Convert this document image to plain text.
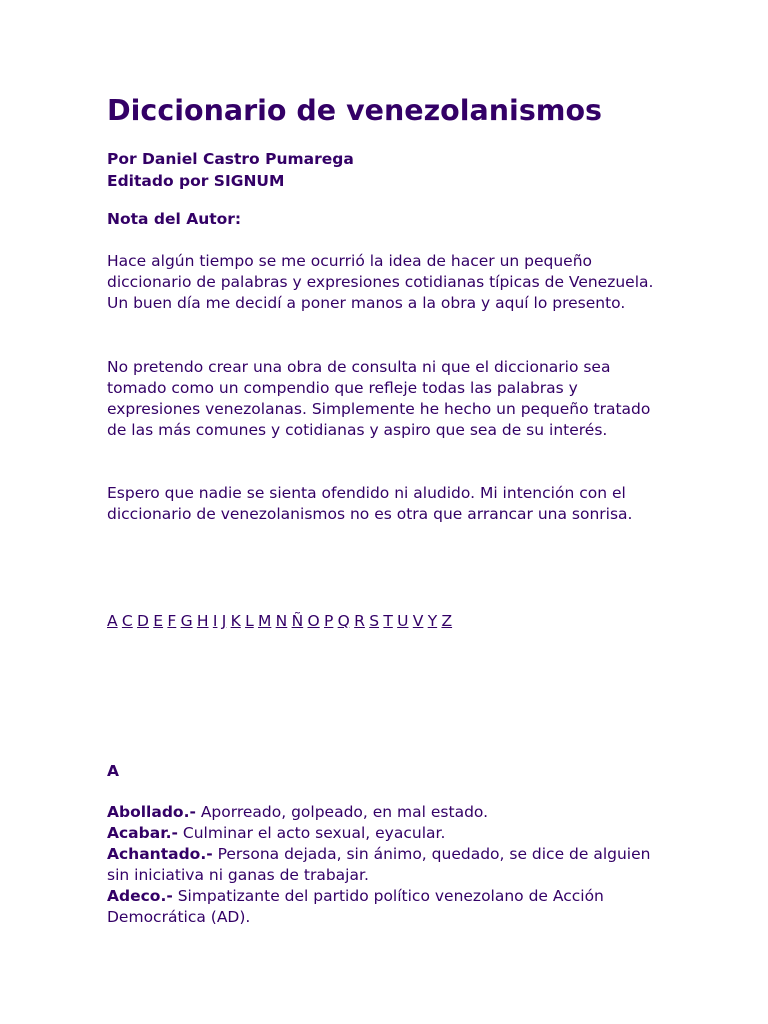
Diccionario de venezolanismos
Por Daniel Castro Pumarega
Editado por SIGNUM
Nota del Autor:

Hace algún tiempo se me ocurrió la idea de hacer un pequeño diccionario de palabras y expresiones cotidianas típicas de Venezuela. Un buen día me decidí a poner manos a la obra y aquí lo presento.

No pretendo crear una obra de consulta ni que el diccionario sea tomado como un compendio que refleje todas las palabras y expresiones venezolanas. Simplemente he hecho un pequeño tratado de las más comunes y cotidianas y aspiro que sea de su interés.

Espero que nadie se sienta ofendido ni aludido. Mi intención con el diccionario de venezolanismos no es otra que arrancar una sonrisa.

A C D E F G H I J K L M N Ñ O P Q R S T U V Y Z
A

Abollado.- Aporreado, golpeado, en mal estado.

Acabar.- Culminar el acto sexual, eyacular.

Achantado.- Persona dejada, sin ánimo, quedado, se dice de alguien sin iniciativa ni ganas de trabajar.

Adeco.- Simpatizante del partido político venezolano de Acción Democrática (AD).
